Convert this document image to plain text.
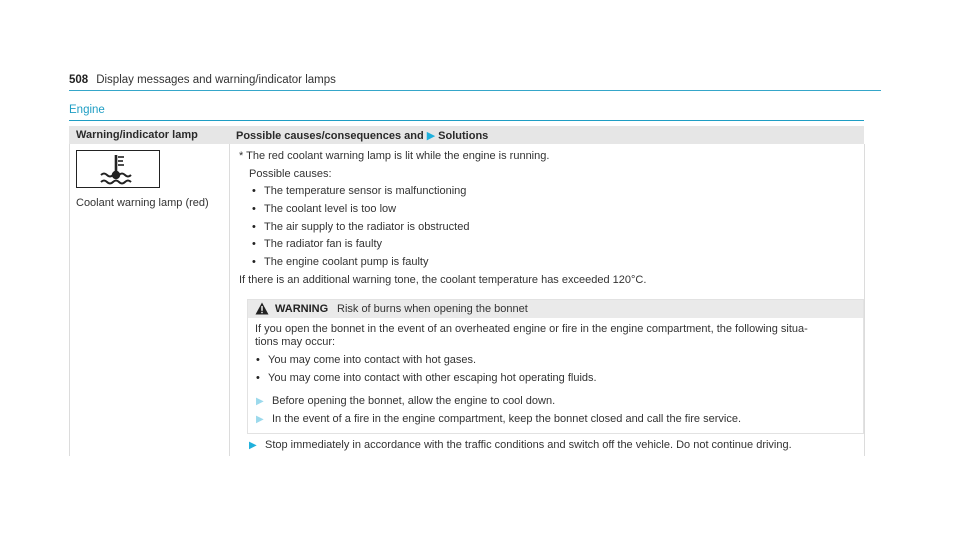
508 Display messages and warning/indicator lamps
Engine
Warning/indicator lamp	Possible causes/consequences and ▶ Solutions
Coolant warning lamp (red)
* The red coolant warning lamp is lit while the engine is running.
Possible causes:
• The temperature sensor is malfunctioning
• The coolant level is too low
• The air supply to the radiator is obstructed
• The radiator fan is faulty
• The engine coolant pump is faulty
If there is an additional warning tone, the coolant temperature has exceeded 120°C.
WARNING Risk of burns when opening the bonnet
If you open the bonnet in the event of an overheated engine or fire in the engine compartment, the following situa-
tions may occur:
• You may come into contact with hot gases.
• You may come into contact with other escaping hot operating fluids.
▶ Before opening the bonnet, allow the engine to cool down.
▶ In the event of a fire in the engine compartment, keep the bonnet closed and call the fire service.
▶ Stop immediately in accordance with the traffic conditions and switch off the vehicle. Do not continue driving.
